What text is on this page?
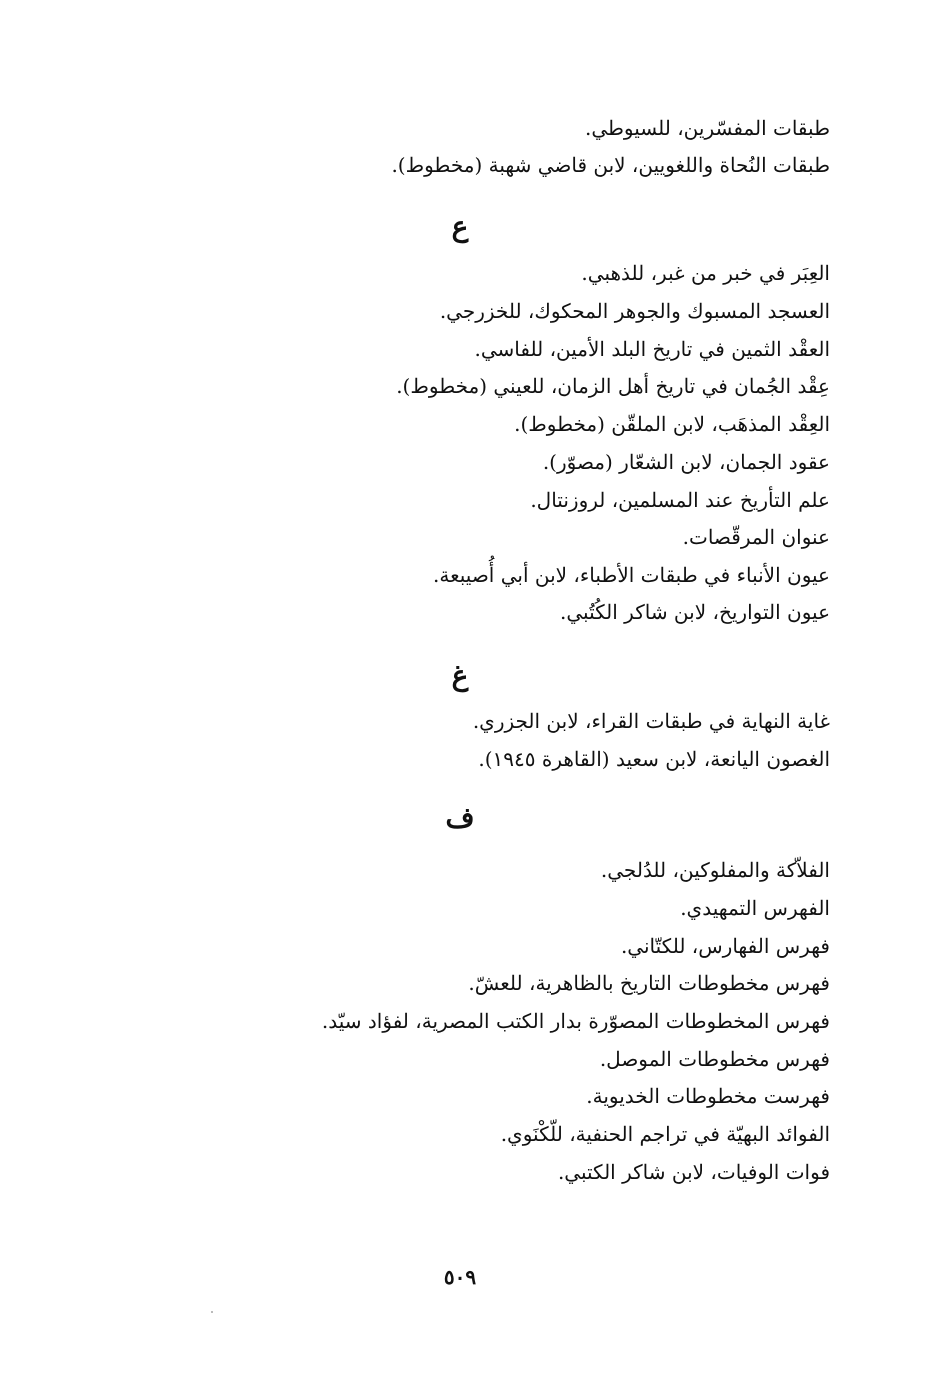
طبقات المفسّرين، للسيوطي.
طبقات النُحاة واللغويين، لابن قاضي شهبة (مخطوط).
ع
العِبَر في خبر من غبر، للذهبي.
العسجد المسبوك والجوهر المحكوك، للخزرجي.
العقْد الثمين في تاريخ البلد الأمين، للفاسي.
عِقْد الجُمان في تاريخ أهل الزمان، للعيني (مخطوط).
العِقْد المذهَب، لابن الملقّن (مخطوط).
عقود الجمان، لابن الشعّار (مصوّر).
علم التأريخ عند المسلمين، لروزنتال.
عنوان المرقّصات.
عيون الأنباء في طبقات الأطباء، لابن أبي أُصيبعة.
عيون التواريخ، لابن شاكر الكُتُبي.
غ
غاية النهاية في طبقات القراء، لابن الجزري.
الغصون اليانعة، لابن سعيد (القاهرة ١٩٤٥).
ف
الفلاّكة والمفلوكين، للدُلجي.
الفهرس التمهيدي.
فهرس الفهارس، للكتّاني.
فهرس مخطوطات التاريخ بالظاهرية، للعشّ.
فهرس المخطوطات المصوّرة بدار الكتب المصرية، لفؤاد سيّد.
فهرس مخطوطات الموصل.
فهرست مخطوطات الخديوية.
الفوائد البهيّة في تراجم الحنفية، للّكْنَوي.
فوات الوفيات، لابن شاكر الكتبي.
٥٠٩
